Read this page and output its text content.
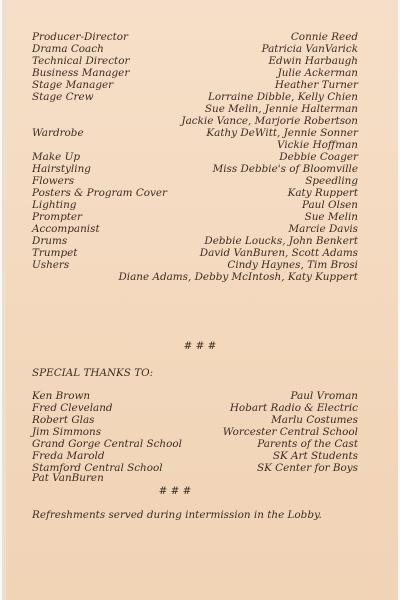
Producer-Director	Connie Reed
Drama Coach	Patricia VanVarick
Technical Director	Edwin Harbaugh
Business Manager	Julie Ackerman
Stage Manager	Heather Turner
Stage Crew	Lorraine Dibble, Kelly Chien
Sue Melin, Jennie Halterman
Jackie Vance, Marjorie Robertson
Wardrobe	Kathy DeWitt, Jennie Sonner
Vickie Hoffman
Make Up	Debbie Coager
Hairstyling	Miss Debbie's of Bloomville
Flowers	Speedling
Posters & Program Cover	Katy Ruppert
Lighting	Paul Olsen
Prompter	Sue Melin
Accompanist	Marcie Davis
Drums	Debbie Loucks, John Benkert
Trumpet	David VanBuren, Scott Adams
Ushers	Cindy Haynes, Tim Brosi
Diane Adams, Debby McIntosh, Katy Kuppert
# # #
SPECIAL THANKS TO:
Ken Brown	Paul Vroman
Fred Cleveland	Hobart Radio & Electric
Robert Glas	Marlu Costumes
Jim Simmons	Worcester Central School
Grand Gorge Central School	Parents of the Cast
Freda Marold	SK Art Students
Stamford Central School	SK Center for Boys
Pat VanBuren
# # #
Refreshments served during intermission in the Lobby.
